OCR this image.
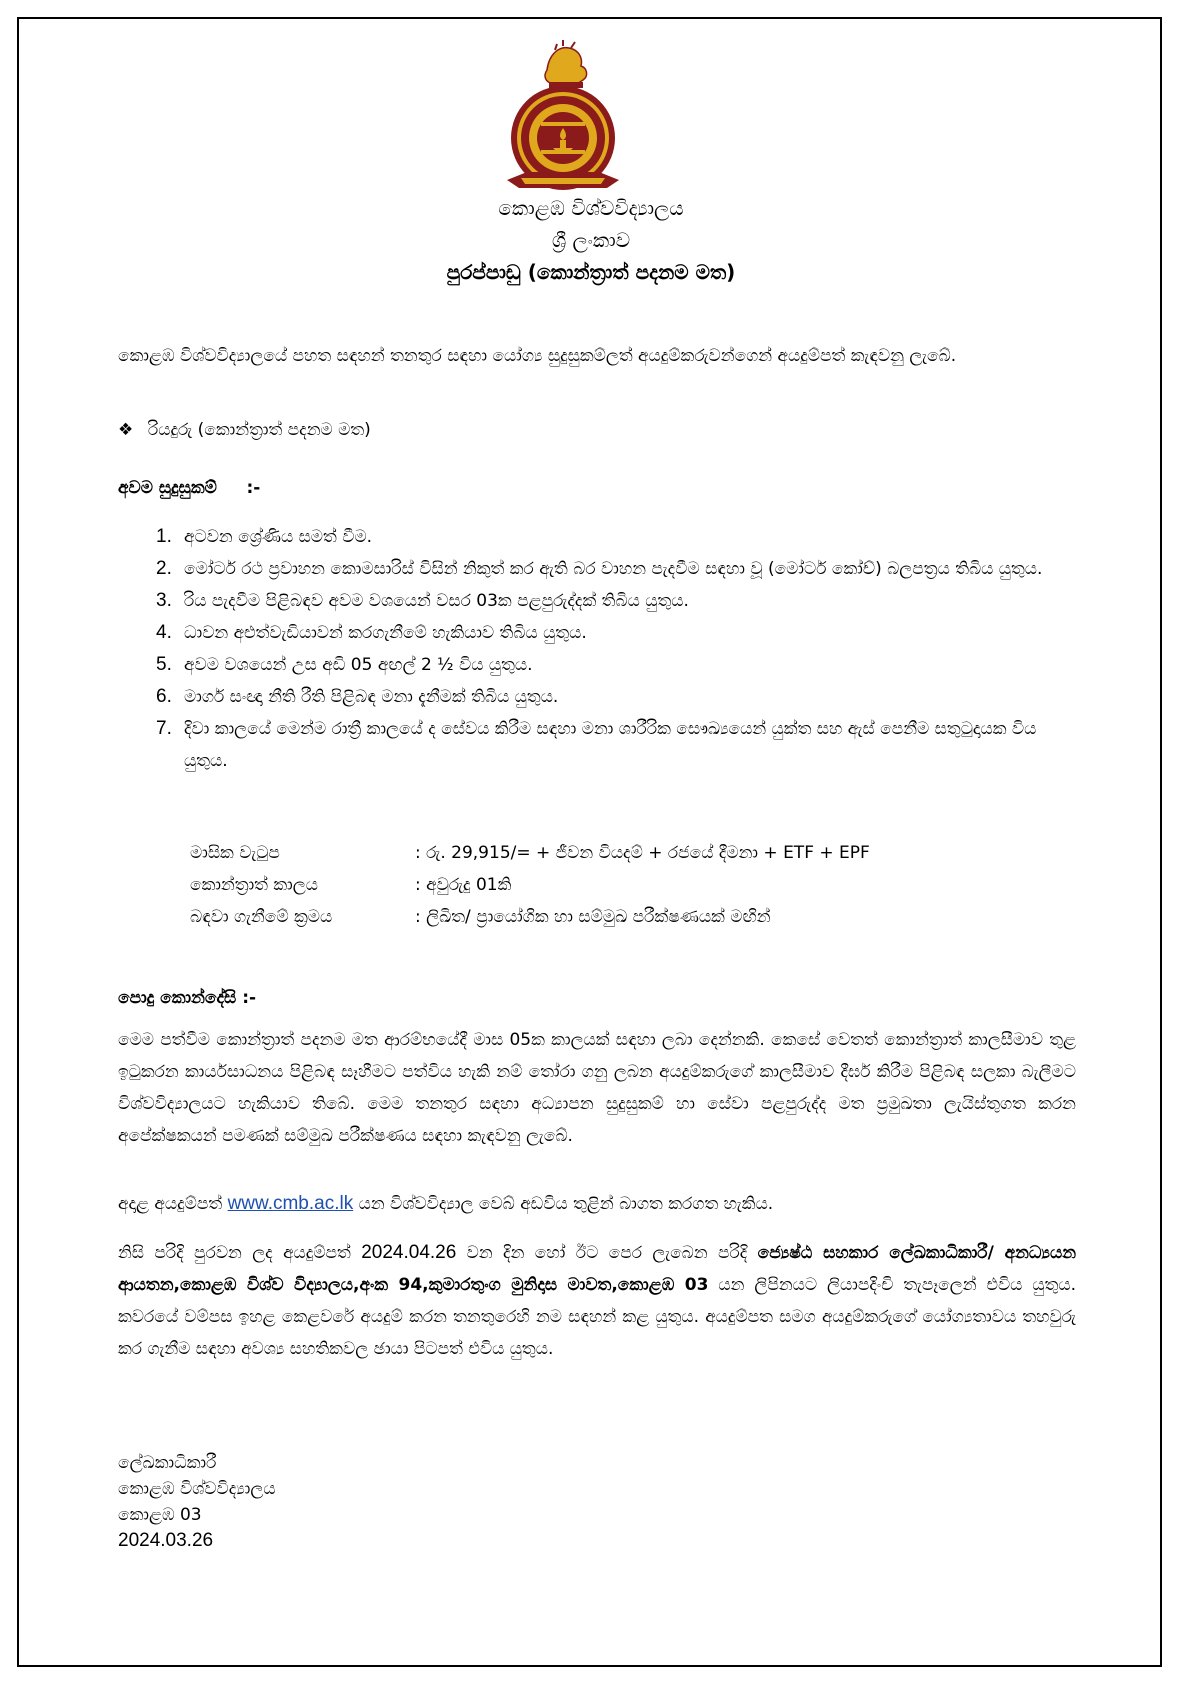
කොළඹ විශ්වවිද්‍යාලය
ශ්‍රී ලංකාව
පුරප්පාඩු (කොන්ත්‍රාත් පදනම මත)

කොළඹ විශ්වවිද්‍යාලයේ පහත සඳහන් තනතුර සඳහා යෝග්‍ය සුදුසුකම්ලත් අයදුම්කරුවන්ගෙන් අයදුම්පත් කැඳවනු ලැබේ.

❖ රියදුරු (කොන්ත්‍රාත් පදනම මත)

අවම සුදුසුකම් :-

1. අටවන ශ්‍රේණිය සමත් වීම.
2. මෝටර් රථ ප්‍රවාහන කොමසාරිස් විසින් නිකුත් කර ඇති බර වාහන පැදවීම සඳහා වූ (මෝටර් කෝච්) බලපත්‍රය තිබිය යුතුය.
3. රිය පැදවීම පිළිබඳව අවම වශයෙන් වසර 03ක පළපුරුද්දක් තිබිය යුතුය.
4. ධාවන අළුත්වැඩියාවන් කරගැනීමේ හැකියාව තිබිය යුතුය.
5. අවම වශයෙන් උස අඩි 05 අඟල් 2 ½ විය යුතුය.
6. මාර්ග සංඥා නීති රීති පිළිබඳ මනා දැනීමක් තිබිය යුතුය.
7. දිවා කාලයේ මෙන්ම රාත්‍රී කාලයේ ද සේවය කිරීම සඳහා මනා ශාරීරික සෞඛ්‍යයෙන් යුක්ත සහ ඇස් පෙනීම සතුටුදායක විය යුතුය.
මාසික වැටුප	: රු. 29,915/= + ජීවන වියදම් + රජයේ දීමනා + ETF + EPF
කොන්ත්‍රාත් කාලය	: අවුරුදු 01කි
බඳවා ගැනීමේ ක්‍රමය	: ලිඛිත/ ප්‍රායෝගික හා සම්මුඛ පරීක්ෂණයක් මඟින්

පොදු කොන්දේසි :-

මෙම පත්වීම කොන්ත්‍රාත් පදනම මත ආරම්භයේදී මාස 05ක කාලයක් සඳහා ලබා දෙන්නකි. කෙසේ වෙතත් කොන්ත්‍රාත් කාලසීමාව තුළ ඉටුකරන කාර්යසාධනය පිළිබඳ සෑහීමට පත්විය හැකි නම් තෝරා ගනු ලබන අයදුම්කරුගේ කාලසීමාව දීර්ඝ කිරීම පිළිබඳ සලකා බැලීමට විශ්වවිද්‍යාලයට හැකියාව තිබේ. මෙම තනතුර සඳහා අධ්‍යාපන සුදුසුකම් හා සේවා පළපුරුද්ද මත ප්‍රමුඛතා ලැයිස්තුගත කරන අපේක්ෂකයන් පමණක් සම්මුඛ පරීක්ෂණය සඳහා කැඳවනු ලැබේ.

අදාළ අයදුම්පත් www.cmb.ac.lk යන විශ්වවිද්‍යාල වෙබ් අඩවිය තුළින් බාගත කරගත හැකිය.

නිසි පරිදි පුරවන ලද අයදුම්පත් 2024.04.26 වන දින හෝ ඊට පෙර ලැබෙන පරිදි ජ්‍යෙෂ්ඨ සහකාර ලේඛකාධිකාරී/ අනධ්‍යයන ආයතන,කොළඹ විශ්ව විද්‍යාලය,අංක 94,කුමාරතුංග මුනිදාස මාවත,කොළඹ 03 යන ලිපිනයට ලියාපදිංචි තැපෑලෙන් එවිය යුතුය. කවරයේ වම්පස ඉහළ කෙළවරේ අයදුම් කරන තනතුරෙහි නම සඳහන් කළ යුතුය. අයදුම්පත සමග අයදුම්කරුගේ යෝග්‍යතාවය තහවුරු කර ගැනීම සඳහා අවශ්‍ය සහතිකවල ඡායා පිටපත් එවිය යුතුය.

ලේඛකාධිකාරී
කොළඹ විශ්වවිද්‍යාලය
කොළඹ 03
2024.03.26
